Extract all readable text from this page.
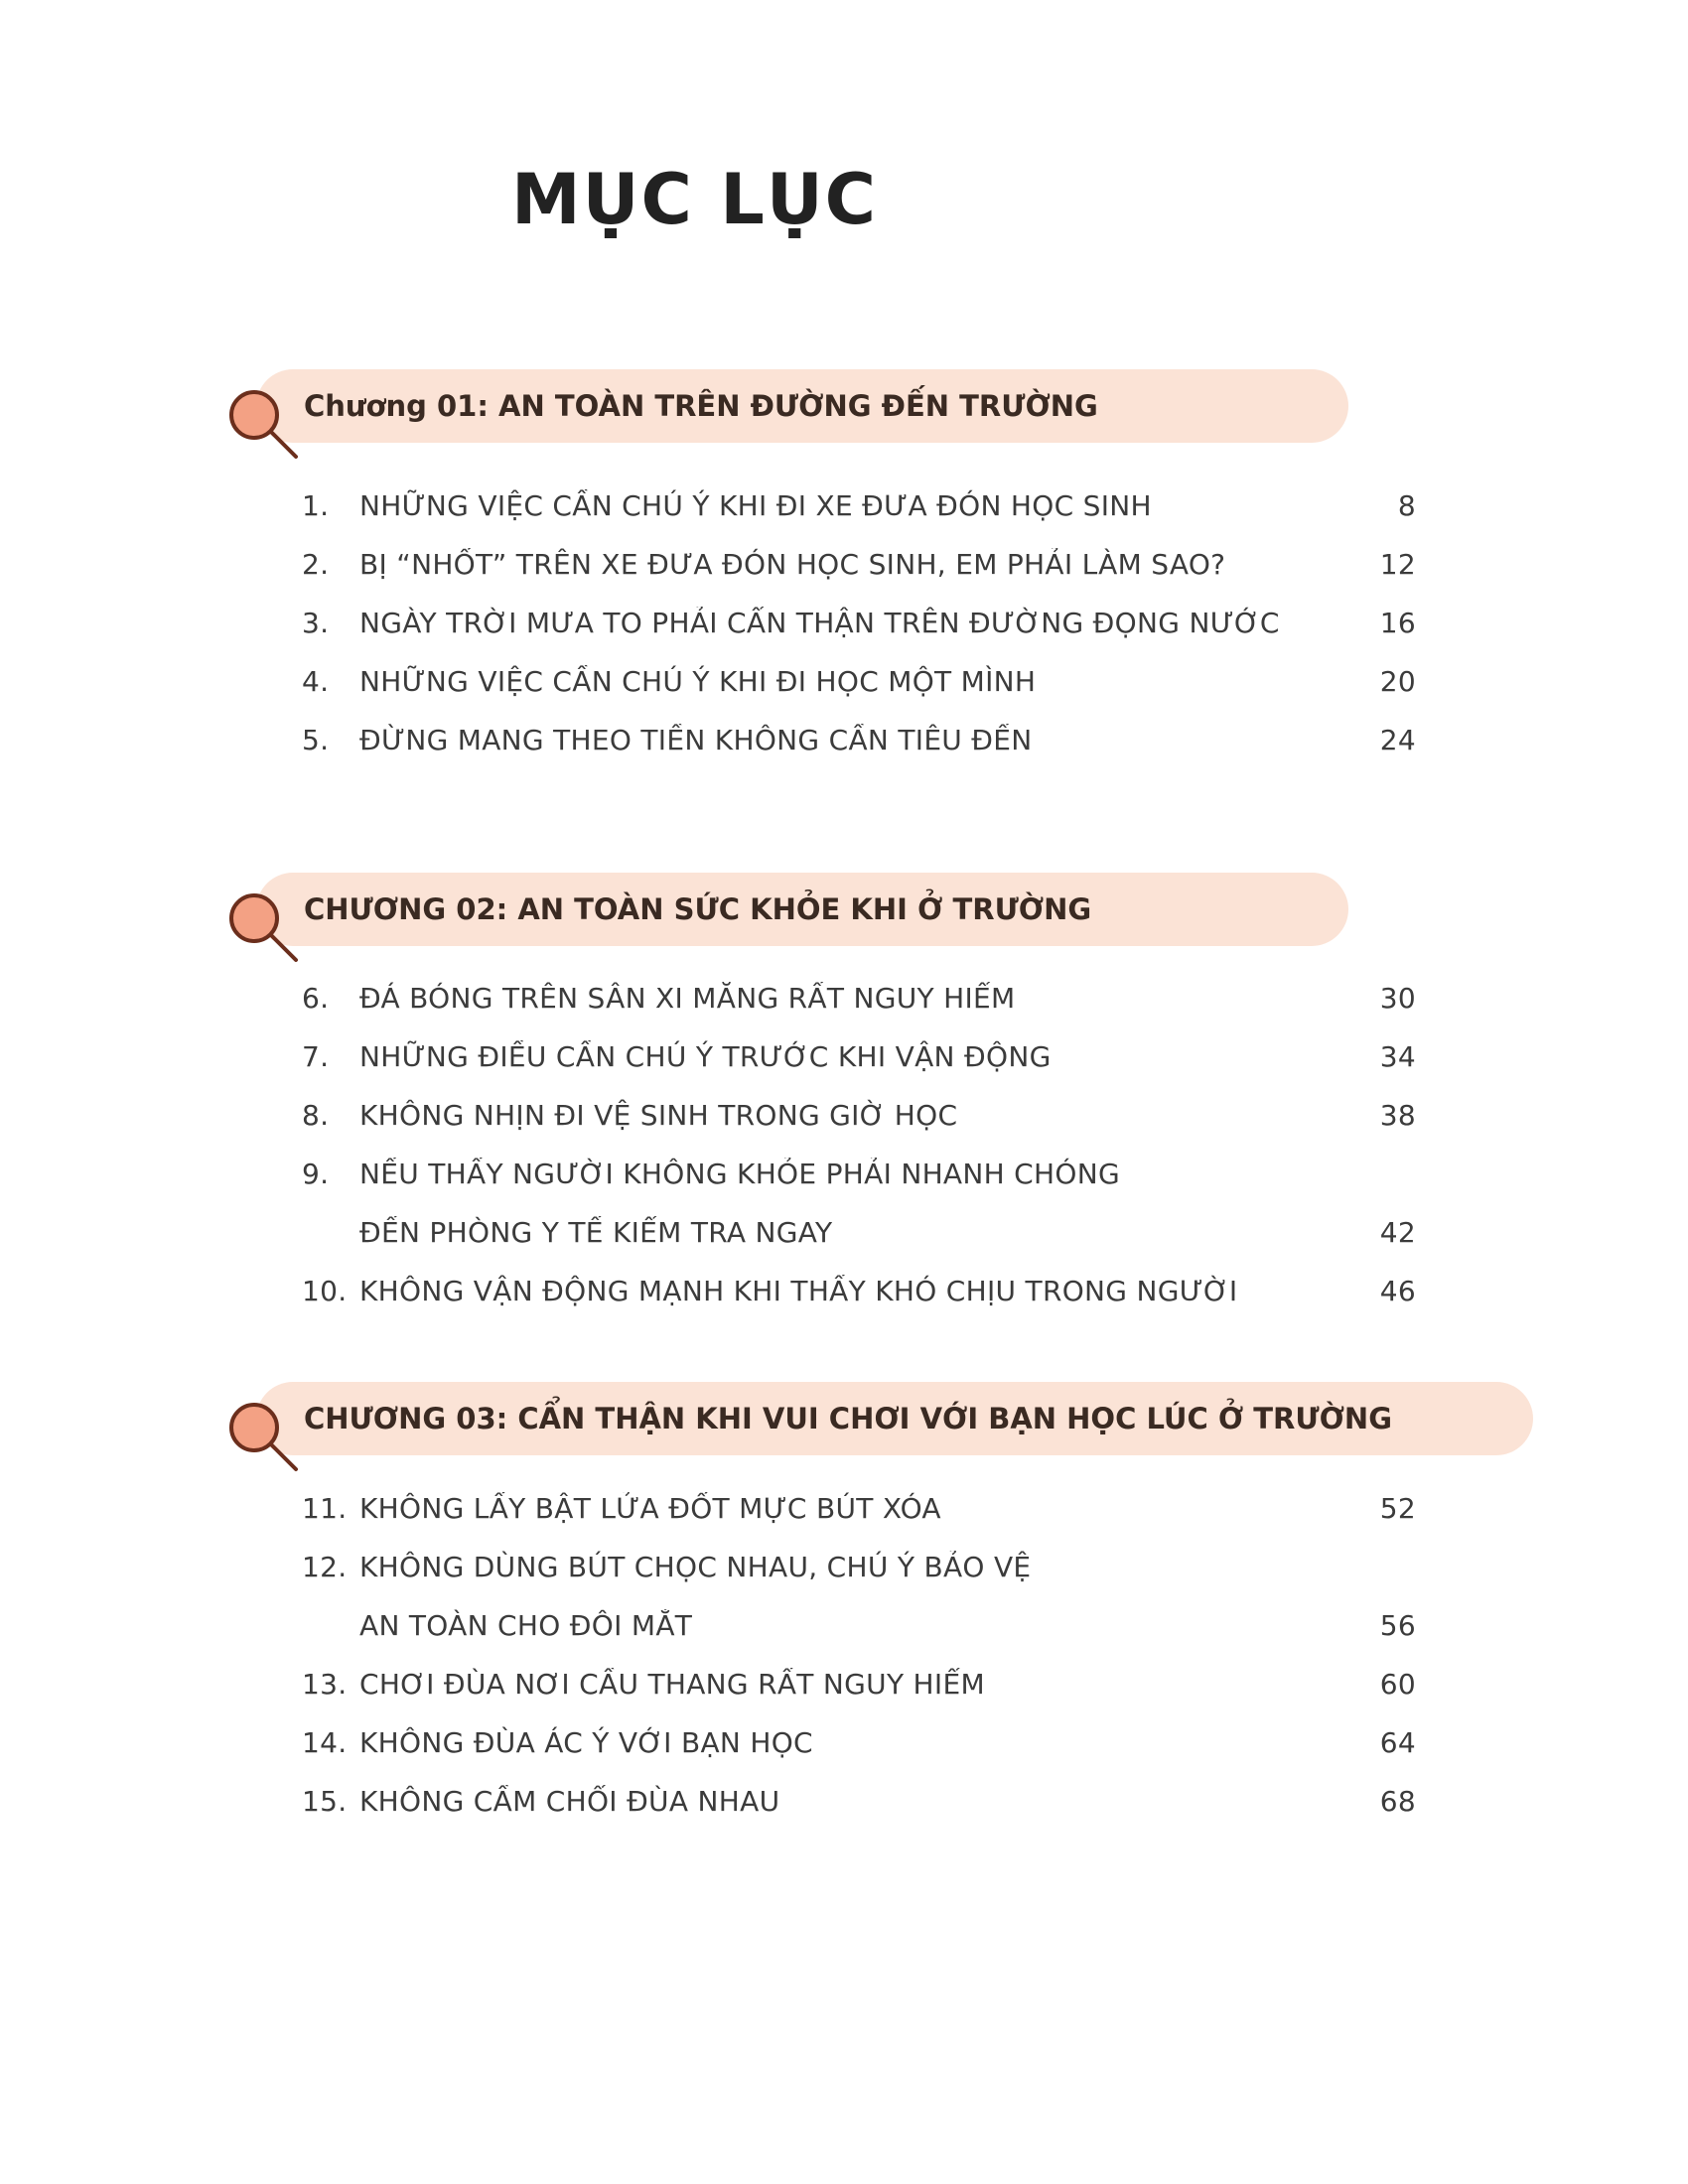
MỤC LỤC
Chương 01: AN TOÀN TRÊN ĐƯỜNG ĐẾN TRƯỜNG
1.	NHỮNG VIỆC CẦN CHÚ Ý KHI ĐI XE ĐƯA ĐÓN HỌC SINH	8
2.	BỊ “NHỐT” TRÊN XE ĐƯA ĐÓN HỌC SINH, EM PHẢI LÀM SAO?	12
3.	NGÀY TRỜI MƯA TO PHẢI CẨN THẬN TRÊN ĐƯỜNG ĐỌNG NƯỚC	16
4.	NHỮNG VIỆC CẦN CHÚ Ý KHI ĐI HỌC MỘT MÌNH	20
5.	ĐỪNG MANG THEO TIỀN KHÔNG CẦN TIÊU ĐẾN	24
CHƯƠNG 02: AN TOÀN SỨC KHỎE KHI Ở TRƯỜNG
6.	ĐÁ BÓNG TRÊN SÂN XI MĂNG RẤT NGUY HIỂM	30
7.	NHỮNG ĐIỀU CẦN CHÚ Ý TRƯỚC KHI VẬN ĐỘNG	34
8.	KHÔNG NHỊN ĐI VỆ SINH TRONG GIỜ HỌC	38
9.	NẾU THẤY NGƯỜI KHÔNG KHỎE PHẢI NHANH CHÓNG
ĐẾN PHÒNG Y TẾ KIỂM TRA NGAY	42
10. KHÔNG VẬN ĐỘNG MẠNH KHI THẤY KHÓ CHỊU TRONG NGƯỜI	46
CHƯƠNG 03: CẨN THẬN KHI VUI CHƠI VỚI BẠN HỌC LÚC Ở TRƯỜNG
11. KHÔNG LẤY BẬT LỬA ĐỐT MỰC BÚT XÓA	52
12. KHÔNG DÙNG BÚT CHỌC NHAU, CHÚ Ý BẢO VỆ
AN TOÀN CHO ĐÔI MẮT	56
13. CHƠI ĐÙA NƠI CẦU THANG RẤT NGUY HIỂM	60
14. KHÔNG ĐÙA ÁC Ý VỚI BẠN HỌC	64
15. KHÔNG CẦM CHỔI ĐÙA NHAU	68
